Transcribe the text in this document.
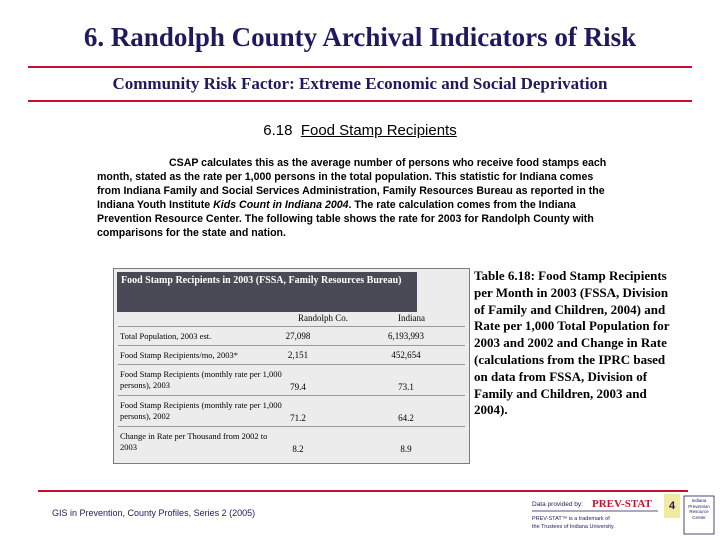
6. Randolph County Archival Indicators of Risk
Community Risk Factor: Extreme Economic and Social Deprivation
6.18 Food Stamp Recipients
CSAP calculates this as the average number of persons who receive food stamps each month, stated as the rate per 1,000 persons in the total population. This statistic for Indiana comes from Indiana Family and Social Services Administration, Family Resources Bureau as reported in the Indiana Youth Institute Kids Count in Indiana 2004. The rate calculation comes from the Indiana Prevention Resource Center. The following table shows the rate for 2003 for Randolph County with comparisons for the state and nation.
Food Stamp Recipients in 2003 (FSSA, Family Resources Bureau)
Randolph Co.	Indiana
Total Population, 2003 est.	27,098	6,193,993
Food Stamp Recipients/mo, 2003*	2,151	452,654
Food Stamp Recipients (monthly rate per 1,000 persons), 2003	79.4	73.1
Food Stamp Recipients (monthly rate per 1,000 persons), 2002	71.2	64.2
Change in Rate per Thousand from 2002 to 2003	8.2	8.9
Table 6.18: Food Stamp Recipients per Month in 2003 (FSSA, Division of Family and Children, 2004) and Rate per 1,000 Total Population for 2003 and 2002 and Change in Rate (calculations from the IPRC based on data from FSSA, Division of Family and Children, 2003 and 2004).
GIS in Prevention, County Profiles, Series 2 (2005)
Data provided by: PREV-STAT
PREV-STAT™ is a trademark of
the Trustees of Indiana University.
Indiana Prevention Resource Center
4
